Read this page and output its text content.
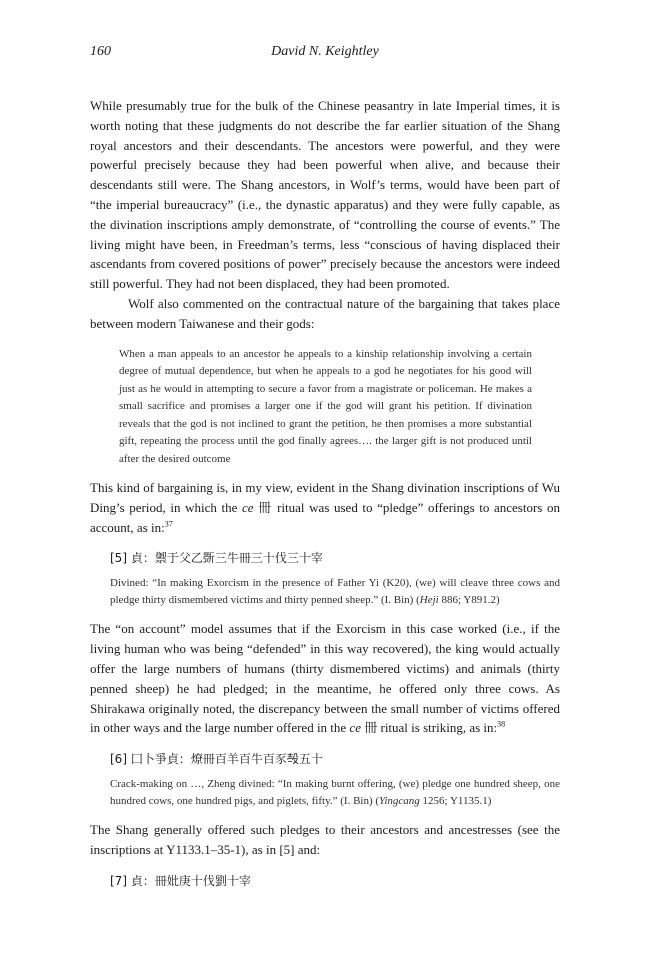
160	David N. Keightley

While presumably true for the bulk of the Chinese peasantry in late Imperial times, it is worth noting that these judgments do not describe the far earlier situation of the Shang royal ancestors and their descendants. The ancestors were powerful, and they were powerful precisely because they had been powerful when alive, and because their descendants still were. The Shang ancestors, in Wolf’s terms, would have been part of “the imperial bureaucracy” (i.e., the dynastic apparatus) and they were fully capable, as the divination inscriptions amply demonstrate, of “controlling the course of events.” The living might have been, in Freedman’s terms, less “conscious of having displaced their ascendants from covered positions of power” precisely because the ancestors were indeed still powerful. They had not been displaced, they had been promoted.

Wolf also commented on the contractual nature of the bargaining that takes place between modern Taiwanese and their gods:

When a man appeals to an ancestor he appeals to a kinship relationship involving a certain degree of mutual dependence, but when he appeals to a god he negotiates for his good will just as he would in attempting to secure a favor from a magistrate or policeman. He makes a small sacrifice and promises a larger one if the god will grant his petition. If divination reveals that the god is not inclined to grant the petition, he then promises a more substantial gift, repeating the process until the god finally agrees…. the larger gift is not produced until after the desired outcome

This kind of bargaining is, in my view, evident in the Shang divination inscriptions of Wu Ding’s period, in which the ce 冊 ritual was used to “pledge” offerings to ancestors on account, as in:$^{37}$

[5] 貞：禦于父乙斲三牛冊三十伐三十宰
Divined: “In making Exorcism in the presence of Father Yi (K20), (we) will cleave three cows and pledge thirty dismembered victims and thirty penned sheep.” (I. Bin) (Heji 886; Y891.2)

The “on account” model assumes that if the Exorcism in this case worked (i.e., if the living human who was being “defended” in this way recovered), the king would actually offer the large numbers of humans (thirty dismembered victims) and animals (thirty penned sheep) he had pledged; in the meantime, he offered only three cows. As Shirakawa originally noted, the discrepancy between the small number of victims offered in other ways and the large number offered in the ce 冊 ritual is striking, as in:$^{38}$

[6] 囗卜爭貞：燎冊百羊百牛百豕𣪊五十
Crack-making on …, Zheng divined: “In making burnt offering, (we) pledge one hundred sheep, one hundred cows, one hundred pigs, and piglets, fifty.” (I. Bin) (Yingcang 1256; Y1135.1)

The Shang generally offered such pledges to their ancestors and ancestresses (see the inscriptions at Y1133.1–35-1), as in [5] and:

[7] 貞：冊妣庚十伐劉十宰
